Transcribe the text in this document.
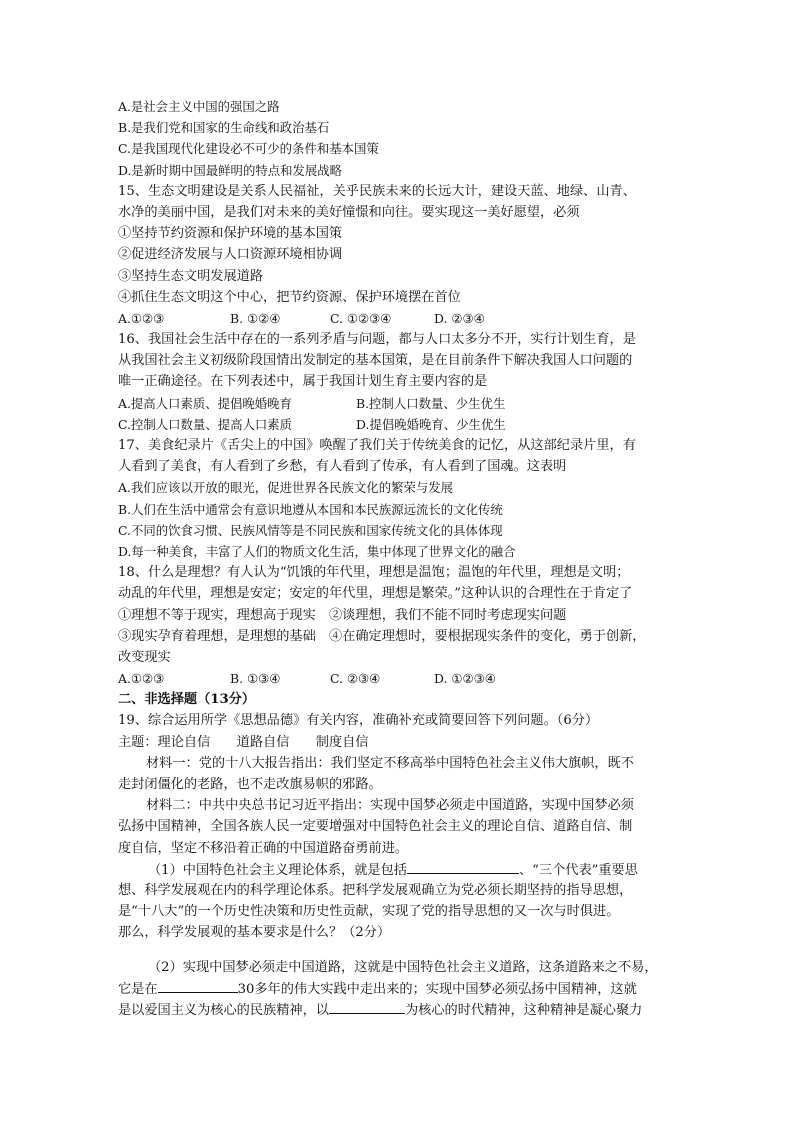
A.是社会主义中国的强国之路
B.是我们党和国家的生命线和政治基石
C.是我国现代化建设必不可少的条件和基本国策
D.是新时期中国最鲜明的特点和发展战略
15、生态文明建设是关系人民福祉，关乎民族未来的长远大计，建设天蓝、地绿、山青、
水净的美丽中国，是我们对未来的美好憧憬和向往。要实现这一美好愿望，必须
①坚持节约资源和保护环境的基本国策
②促进经济发展与人口资源环境相协调
③坚持生态文明发展道路
④抓住生态文明这个中心，把节约资源、保护环境摆在首位
A.①②③	B. ①②④	C. ①②③④	D. ②③④
16、我国社会生活中存在的一系列矛盾与问题，都与人口太多分不开，实行计划生育，是
从我国社会主义初级阶段国情出发制定的基本国策，是在目前条件下解决我国人口问题的
唯一正确途径。在下列表述中，属于我国计划生育主要内容的是
A.提高人口素质、提倡晚婚晚育	B.控制人口数量、少生优生
C.控制人口数量、提高人口素质	D.提倡晚婚晚育、少生优生
17、美食纪录片《舌尖上的中国》唤醒了我们关于传统美食的记忆，从这部纪录片里，有
人看到了美食，有人看到了乡愁，有人看到了传承，有人看到了国魂。这表明
A.我们应该以开放的眼光，促进世界各民族文化的繁荣与发展
B.人们在生活中通常会有意识地遵从本国和本民族源远流长的文化传统
C.不同的饮食习惯、民族风情等是不同民族和国家传统文化的具体体现
D.每一种美食，丰富了人们的物质文化生活，集中体现了世界文化的融合
18、什么是理想？有人认为“饥饿的年代里，理想是温饱；温饱的年代里，理想是文明；
动乱的年代里，理想是安定；安定的年代里，理想是繁荣。”这种认识的合理性在于肯定了
①理想不等于现实，理想高于现实　②谈理想，我们不能不同时考虑现实问题
③现实孕育着理想，是理想的基础　④在确定理想时，要根据现实条件的变化，勇于创新，
改变现实
A.①②③	B. ①③④	C. ②③④	D. ①②③④
二、非选择题（13分）
19、综合运用所学《思想品德》有关内容，准确补充或简要回答下列问题。（6分）
主题：理论自信　　道路自信　　制度自信
材料一：党的十八大报告指出：我们坚定不移高举中国特色社会主义伟大旗帜，既不
走封闭僵化的老路，也不走改旗易帜的邪路。
材料二：中共中央总书记习近平指出：实现中国梦必须走中国道路，实现中国梦必须
弘扬中国精神，全国各族人民一定要增强对中国特色社会主义的理论自信、道路自信、制
度自信，坚定不移沿着正确的中国道路奋勇前进。
（1）中国特色社会主义理论体系，就是包括	、“三个代表”重要思
想、科学发展观在内的科学理论体系。把科学发展观确立为党必须长期坚持的指导思想，
是“十八大”的一个历史性决策和历史性贡献，实现了党的指导思想的又一次与时俱进。
那么，科学发展观的基本要求是什么？（2分）
（2）实现中国梦必须走中国道路，这就是中国特色社会主义道路，这条道路来之不易，
它是在	30多年的伟大实践中走出来的；实现中国梦必须弘扬中国精神，这就
是以爱国主义为核心的民族精神，以	为核心的时代精神，这种精神是凝心聚力
